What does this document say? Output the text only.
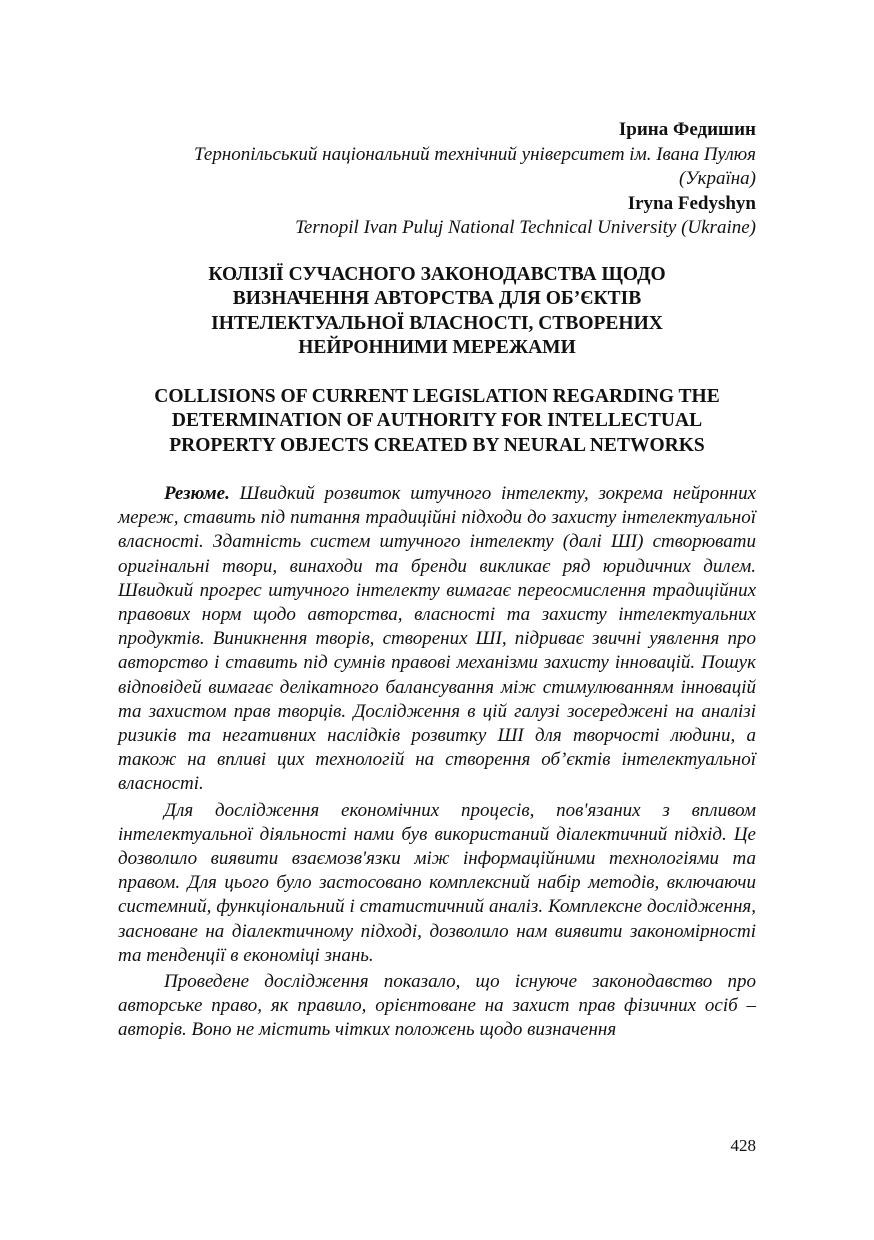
Ірина Федишин
Тернопільський національний технічний університет ім. Івана Пулюя
(Україна)
Iryna Fedyshyn
Ternopil Ivan Puluj National Technical University (Ukraine)
КОЛІЗІЇ СУЧАСНОГО ЗАКОНОДАВСТВА ЩОДО
ВИЗНАЧЕННЯ АВТОРСТВА ДЛЯ ОБ’ЄКТІВ
ІНТЕЛЕКТУАЛЬНОЇ ВЛАСНОСТІ, СТВОРЕНИХ
НЕЙРОННИМИ МЕРЕЖАМИ
COLLISIONS OF CURRENT LEGISLATION REGARDING THE
DETERMINATION OF AUTHORITY FOR INTELLECTUAL
PROPERTY OBJECTS CREATED BY NEURAL NETWORKS

Резюме. Швидкий розвиток штучного інтелекту, зокрема нейронних мереж, ставить під питання традиційні підходи до захисту інтелектуальної власності. Здатність систем штучного інтелекту (далі ШІ) створювати оригінальні твори, винаходи та бренди викликає ряд юридичних дилем. Швидкий прогрес штучного інтелекту вимагає переосмислення традиційних правових норм щодо авторства, власності та захисту інтелектуальних продуктів. Виникнення творів, створених ШІ, підриває звичні уявлення про авторство і ставить під сумнів правові механізми захисту інновацій. Пошук відповідей вимагає делікатного балансування між стимулюванням інновацій та захистом прав творців. Дослідження в цій галузі зосереджені на аналізі ризиків та негативних наслідків розвитку ШІ для творчості людини, а також на впливі цих технологій на створення об’єктів інтелектуальної власності.

Для дослідження економічних процесів, пов'язаних з впливом інтелектуальної діяльності нами був використаний діалектичний підхід. Це дозволило виявити взаємозв'язки між інформаційними технологіями та правом. Для цього було застосовано комплексний набір методів, включаючи системний, функціональний і статистичний аналіз. Комплексне дослідження, засноване на діалектичному підході, дозволило нам виявити закономірності та тенденції в економіці знань.

Проведене дослідження показало, що існуюче законодавство про авторське право, як правило, орієнтоване на захист прав фізичних осіб – авторів. Воно не містить чітких положень щодо визначення

428
